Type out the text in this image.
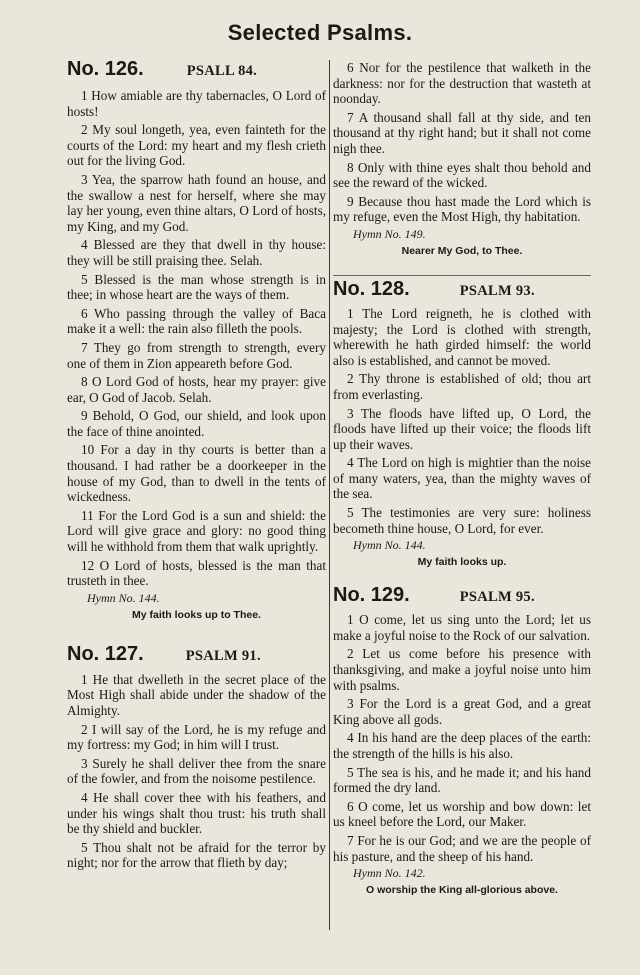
Selected Psalms.
No. 126.	PSALL 84.

1 How amiable are thy tabernacles, O Lord of hosts!

2 My soul longeth, yea, even fainteth for the courts of the Lord: my heart and my flesh crieth out for the living God.

3 Yea, the sparrow hath found an house, and the swallow a nest for herself, where she may lay her young, even thine altars, O Lord of hosts, my King, and my God.

4 Blessed are they that dwell in thy house: they will be still praising thee. Selah.

5 Blessed is the man whose strength is in thee; in whose heart are the ways of them.

6 Who passing through the valley of Baca make it a well: the rain also filleth the pools.

7 They go from strength to strength, every one of them in Zion appeareth before God.

8 O Lord God of hosts, hear my prayer: give ear, O God of Jacob. Selah.

9 Behold, O God, our shield, and look upon the face of thine anointed.

10 For a day in thy courts is better than a thousand. I had rather be a doorkeeper in the house of my God, than to dwell in the tents of wickedness.

11 For the Lord God is a sun and shield: the Lord will give grace and glory: no good thing will he withhold from them that walk uprightly.

12 O Lord of hosts, blessed is the man that trusteth in thee.

Hymn No. 144.
My faith looks up to Thee.
No. 127.	PSALM 91.

1 He that dwelleth in the secret place of the Most High shall abide under the shadow of the Almighty.

2 I will say of the Lord, he is my refuge and my fortress: my God; in him will I trust.

3 Surely he shall deliver thee from the snare of the fowler, and from the noisome pestilence.

4 He shall cover thee with his feathers, and under his wings shalt thou trust: his truth shall be thy shield and buckler.

5 Thou shalt not be afraid for the terror by night; nor for the arrow that flieth by day;

6 Nor for the pestilence that walketh in the darkness: nor for the destruction that wasteth at noonday.

7 A thousand shall fall at thy side, and ten thousand at thy right hand; but it shall not come nigh thee.

8 Only with thine eyes shalt thou behold and see the reward of the wicked.

9 Because thou hast made the Lord which is my refuge, even the Most High, thy habitation.

Hymn No. 149.
Nearer My God, to Thee.
No. 128.	PSALM 93.

1 The Lord reigneth, he is clothed with majesty; the Lord is clothed with strength, wherewith he hath girded himself: the world also is established, and cannot be moved.

2 Thy throne is established of old; thou art from everlasting.

3 The floods have lifted up, O Lord, the floods have lifted up their voice; the floods lift up their waves.

4 The Lord on high is mightier than the noise of many waters, yea, than the mighty waves of the sea.

5 The testimonies are very sure: holiness becometh thine house, O Lord, for ever.

Hymn No. 144.
My faith looks up.
No. 129.	PSALM 95.

1 O come, let us sing unto the Lord; let us make a joyful noise to the Rock of our salvation.

2 Let us come before his presence with thanksgiving, and make a joyful noise unto him with psalms.

3 For the Lord is a great God, and a great King above all gods.

4 In his hand are the deep places of the earth: the strength of the hills is his also.

5 The sea is his, and he made it; and his hand formed the dry land.

6 O come, let us worship and bow down: let us kneel before the Lord, our Maker.

7 For he is our God; and we are the people of his pasture, and the sheep of his hand.

Hymn No. 142.
O worship the King all-glorious above.
